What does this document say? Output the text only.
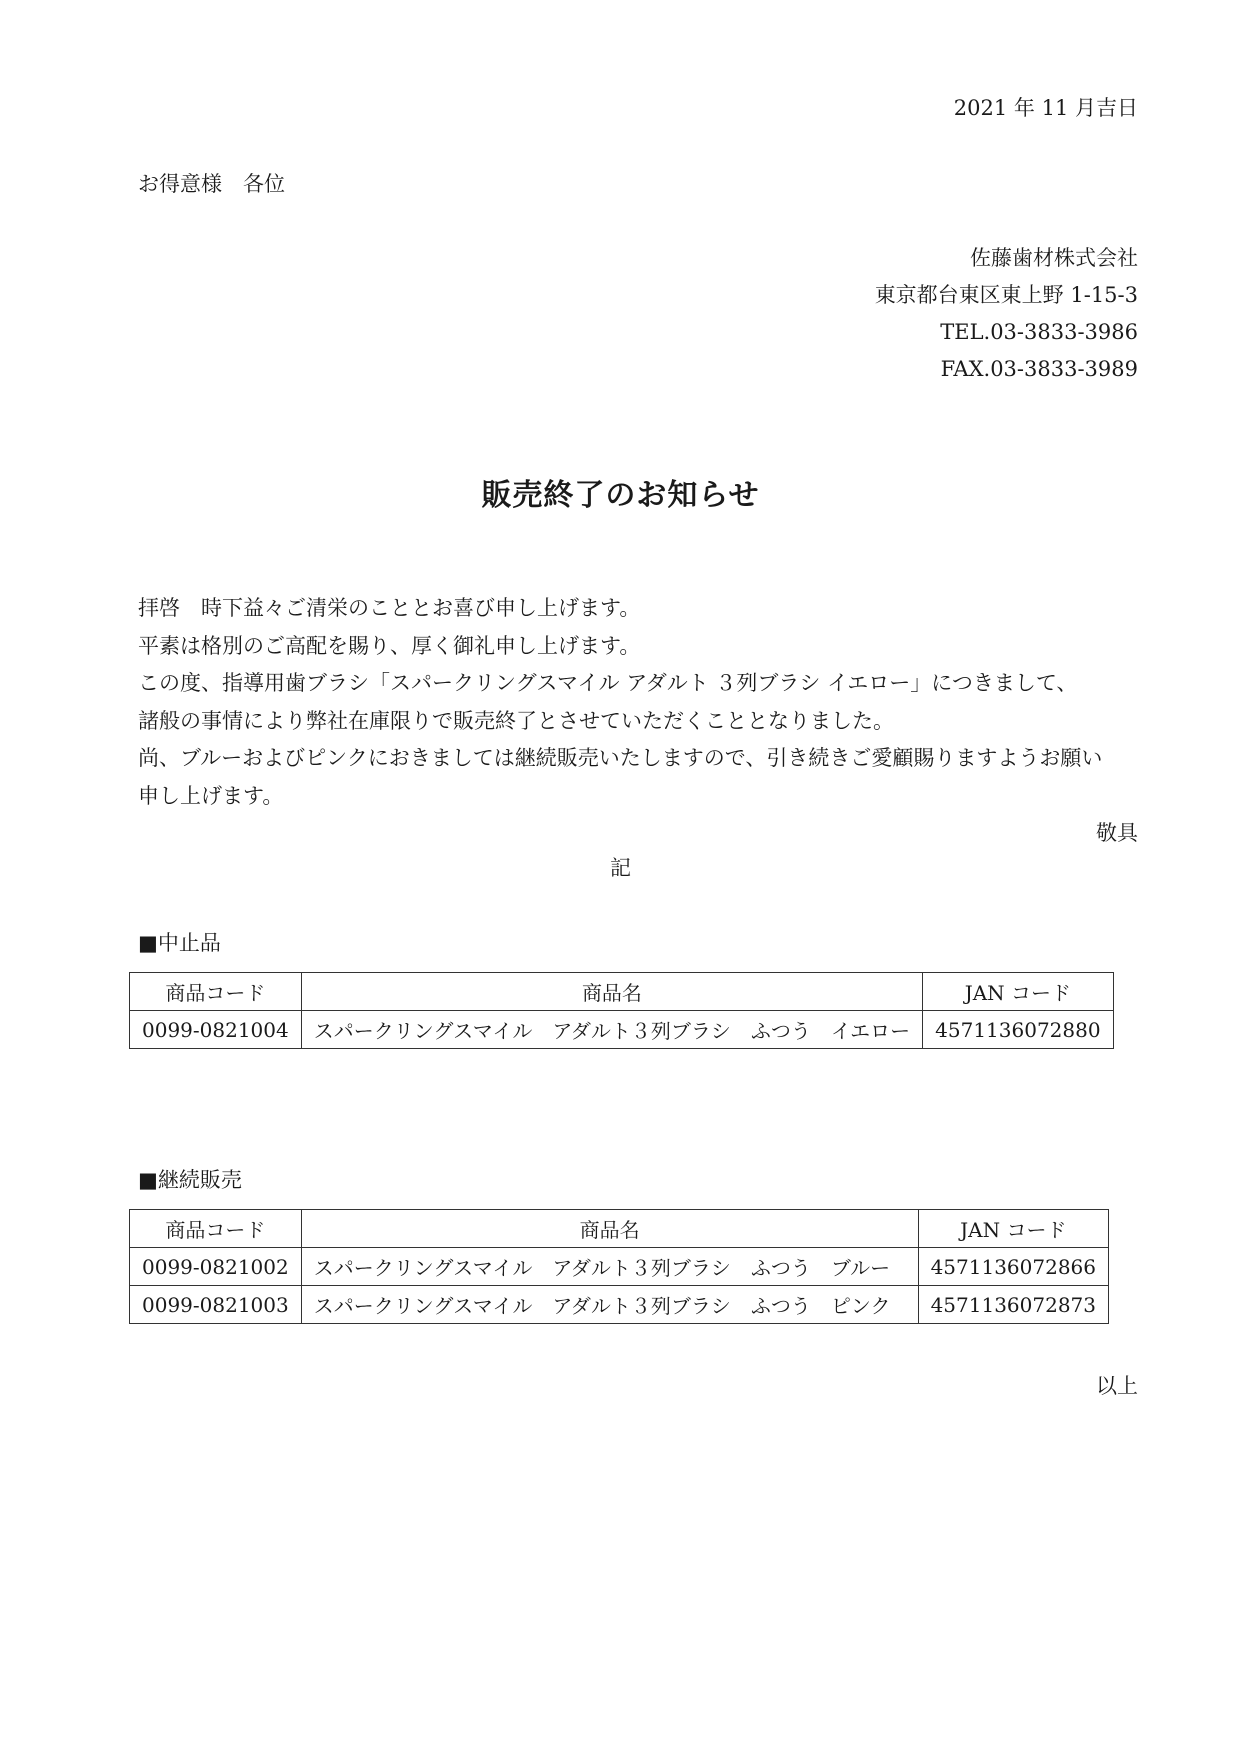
2021 年 11 月吉日
お得意様　各位
佐藤歯材株式会社
東京都台東区東上野 1-15-3
TEL.03-3833-3986
FAX.03-3833-3989
販売終了のお知らせ
拝啓　時下益々ご清栄のこととお喜び申し上げます。
平素は格別のご高配を賜り、厚く御礼申し上げます。
この度、指導用歯ブラシ「スパークリングスマイル アダルト ３列ブラシ イエロー」につきまして、
諸般の事情により弊社在庫限りで販売終了とさせていただくこととなりました。
尚、ブルーおよびピンクにおきましては継続販売いたしますので、引き続きご愛顧賜りますようお願い
申し上げます。
敬具
記
■中止品
商品コード	商品名	JAN コード
0099-0821004	スパークリングスマイル　アダルト３列ブラシ　ふつう　イエロー	4571136072880
■継続販売
商品コード	商品名	JAN コード
0099-0821002	スパークリングスマイル　アダルト３列ブラシ　ふつう　ブルー	4571136072866
0099-0821003	スパークリングスマイル　アダルト３列ブラシ　ふつう　ピンク	4571136072873
以上
